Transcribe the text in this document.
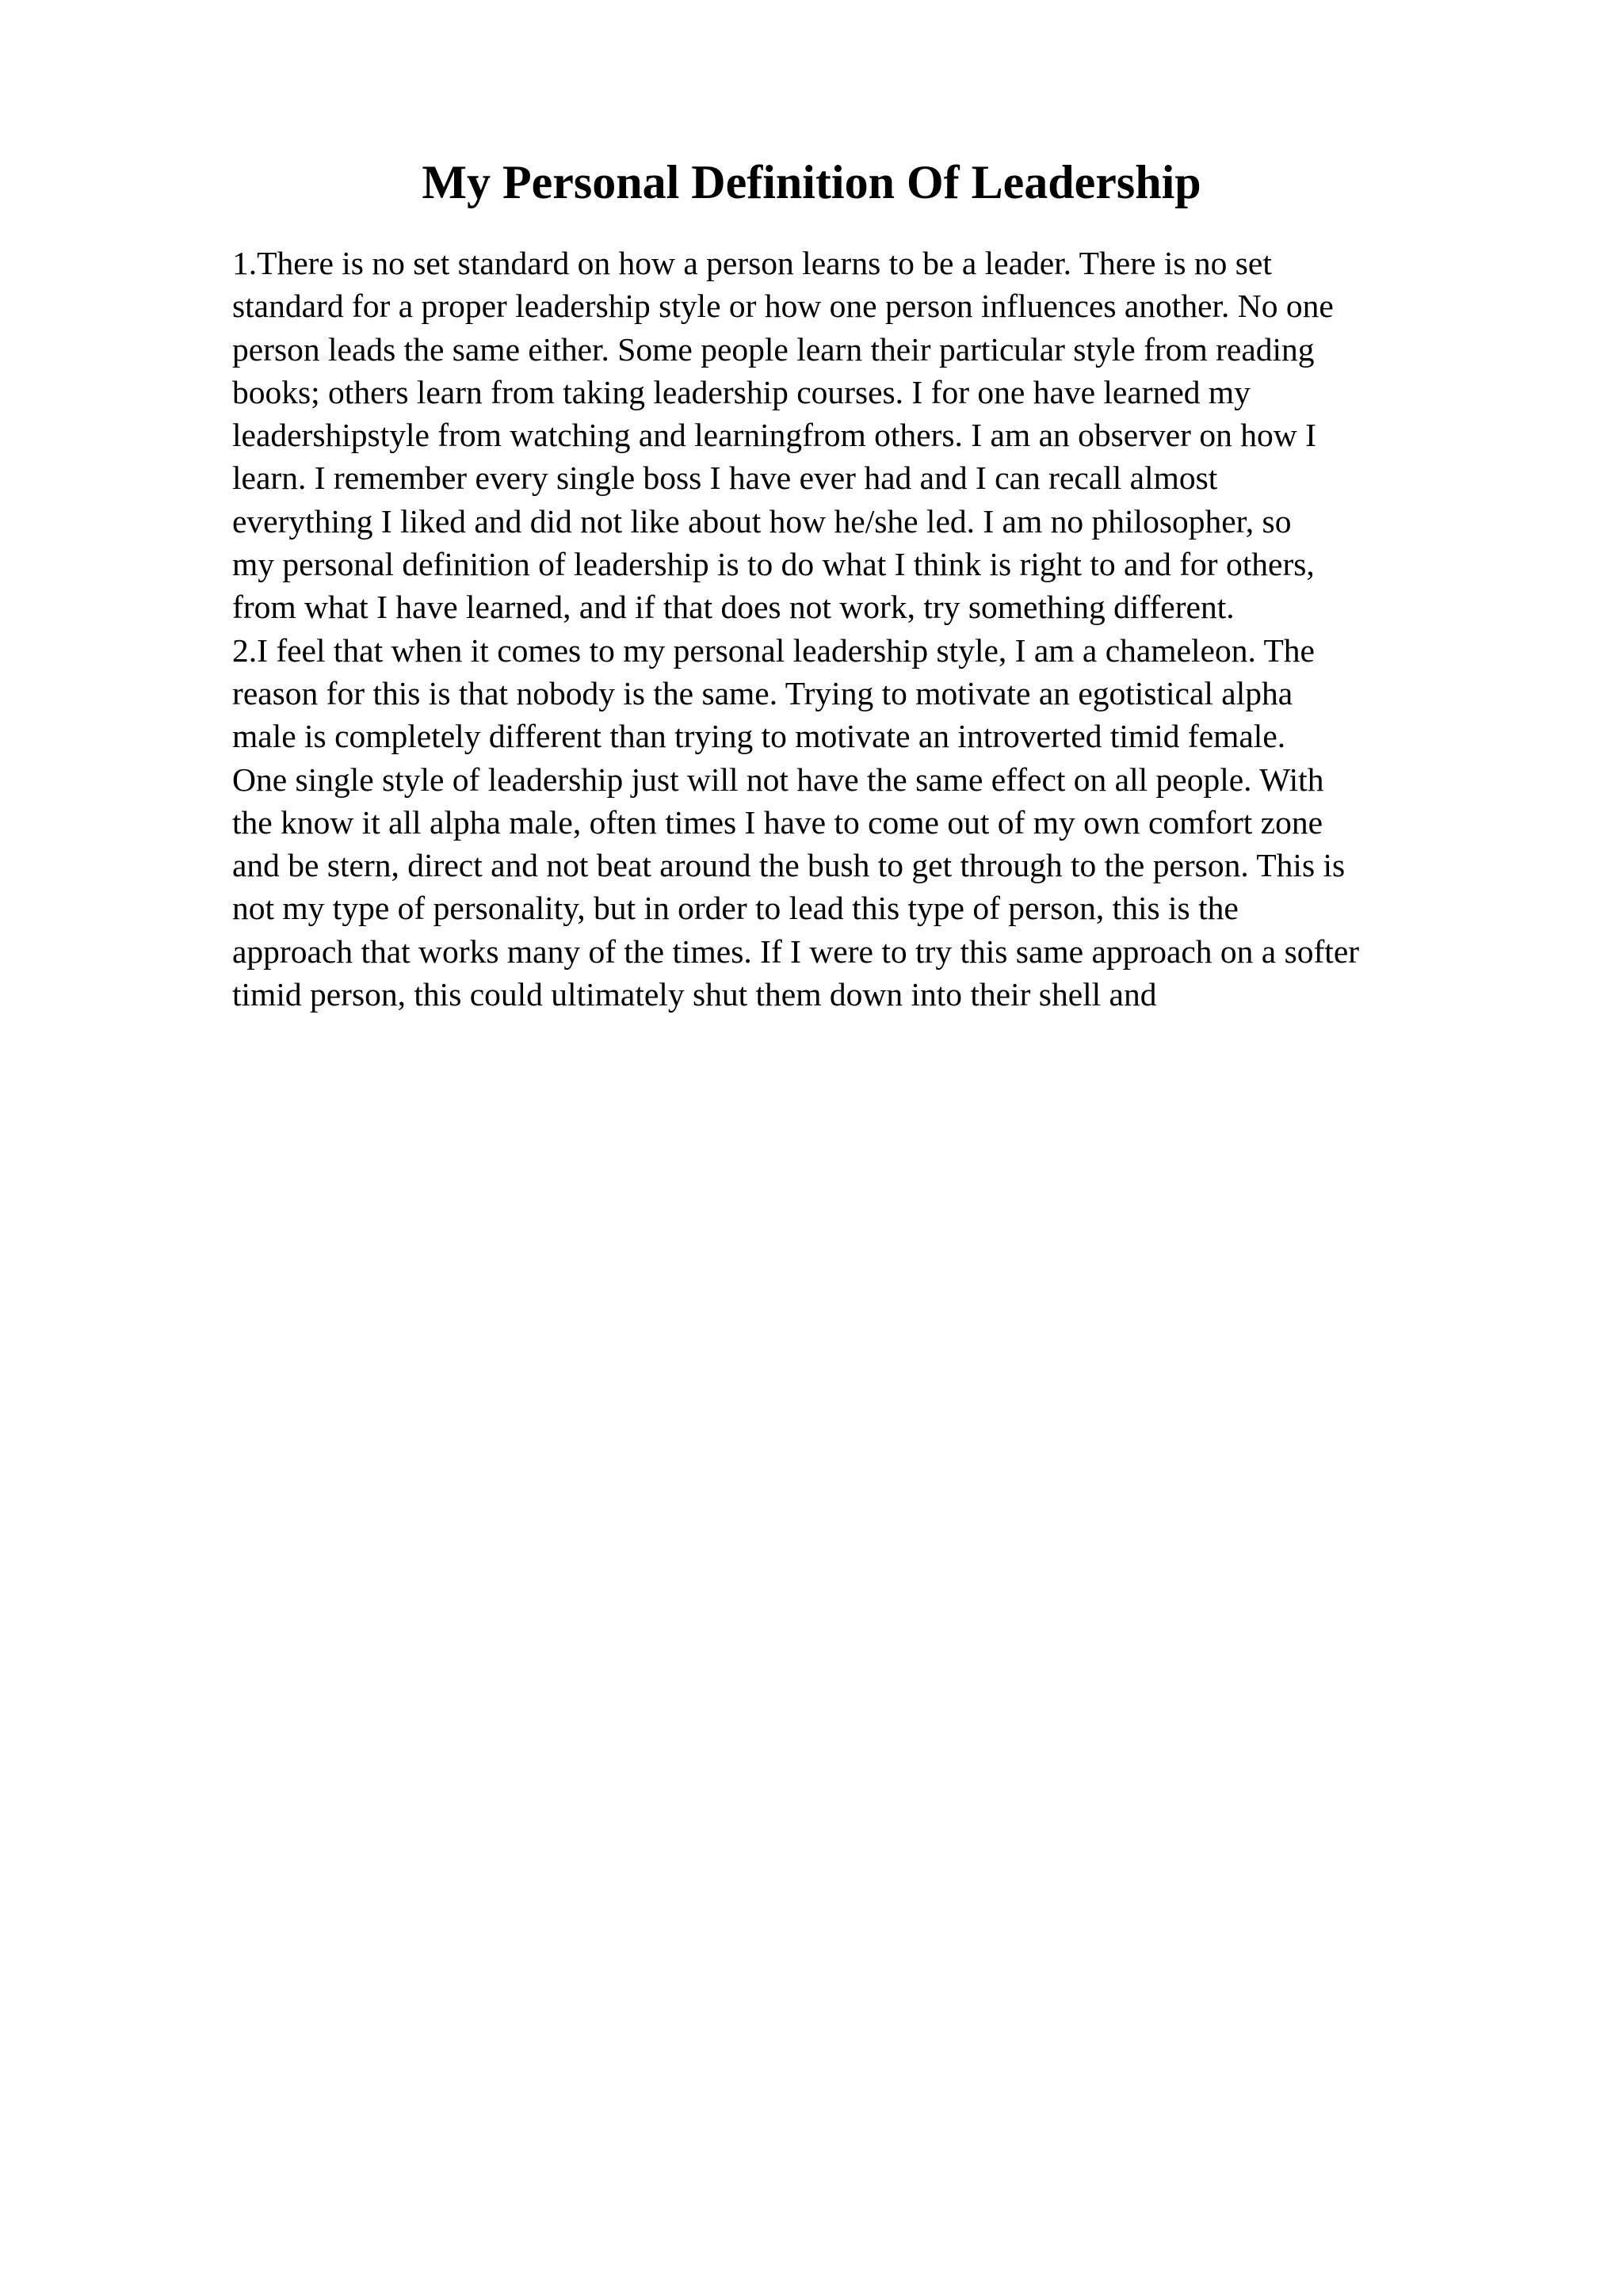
My Personal Definition Of Leadership
1.There is no set standard on how a person learns to be a leader. There is no set
standard for a proper leadership style or how one person influences another. No one
person leads the same either. Some people learn their particular style from reading
books; others learn from taking leadership courses. I for one have learned my
leadershipstyle from watching and learningfrom others. I am an observer on how I
learn. I remember every single boss I have ever had and I can recall almost
everything I liked and did not like about how he/she led. I am no philosopher, so
my personal definition of leadership is to do what I think is right to and for others,
from what I have learned, and if that does not work, try something different.
2.I feel that when it comes to my personal leadership style, I am a chameleon. The
reason for this is that nobody is the same. Trying to motivate an egotistical alpha
male is completely different than trying to motivate an introverted timid female.
One single style of leadership just will not have the same effect on all people. With
the know it all alpha male, often times I have to come out of my own comfort zone
and be stern, direct and not beat around the bush to get through to the person. This is
not my type of personality, but in order to lead this type of person, this is the
approach that works many of the times. If I were to try this same approach on a softer
timid person, this could ultimately shut them down into their shell and
